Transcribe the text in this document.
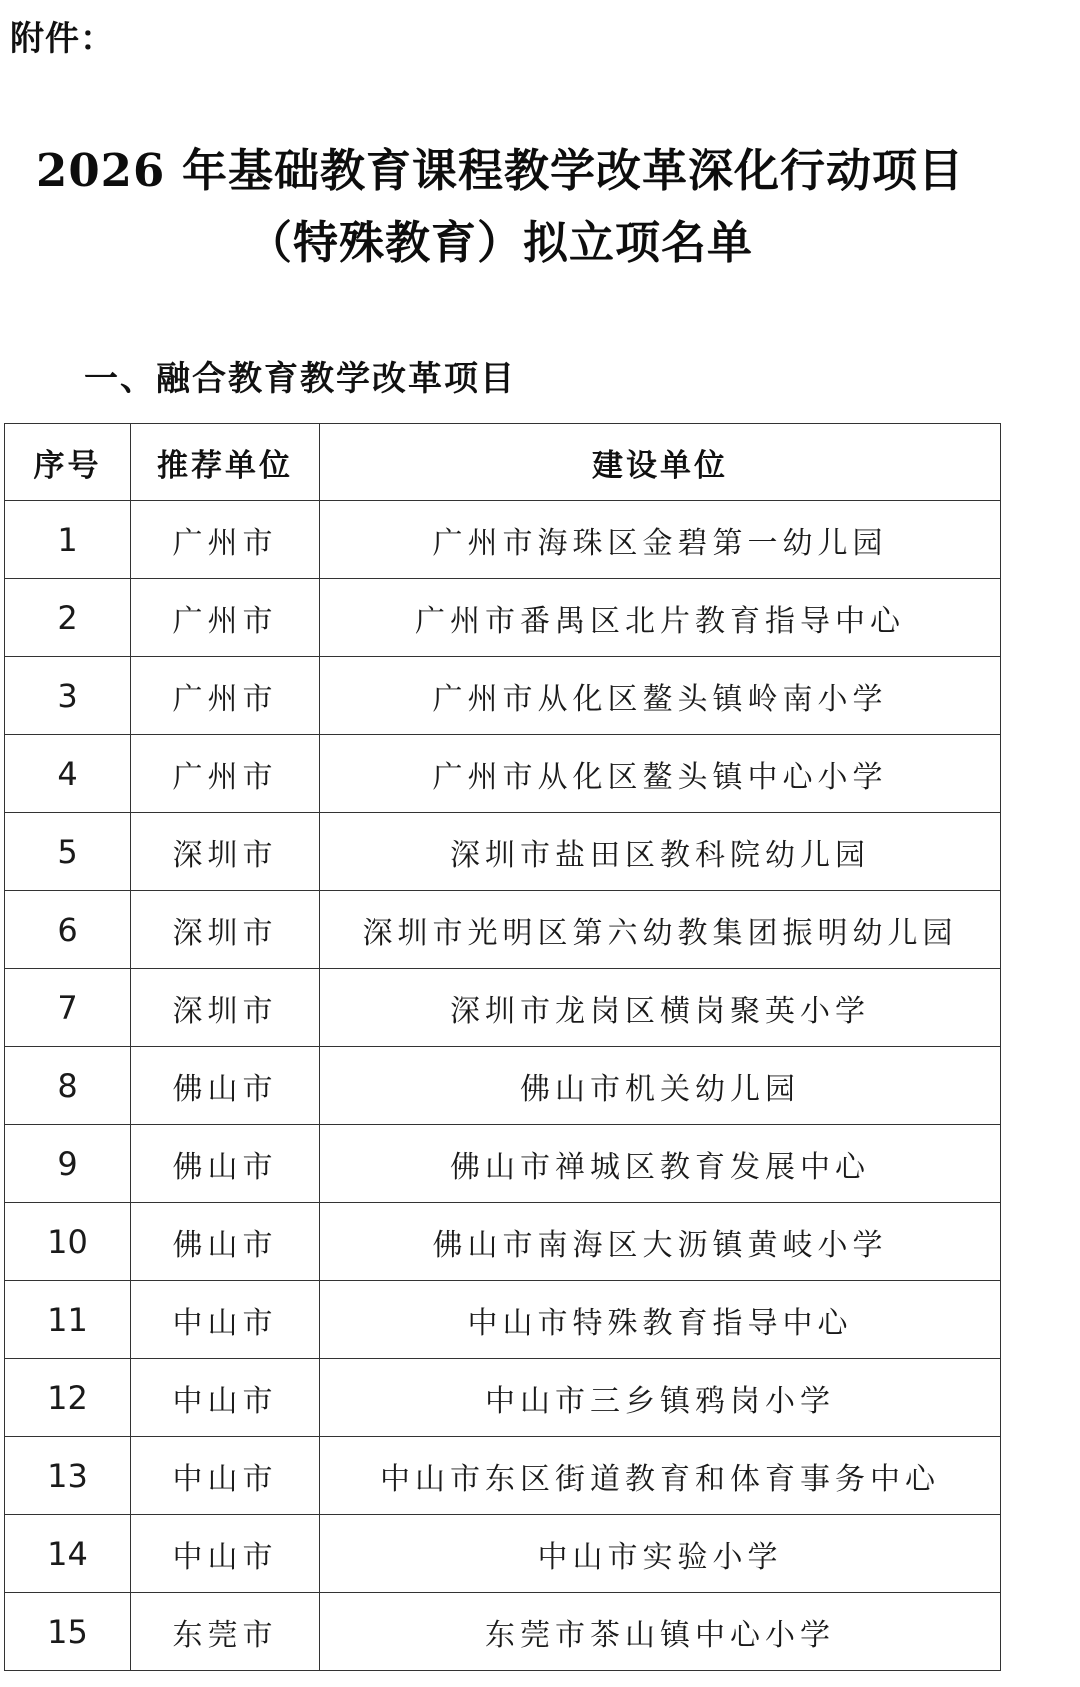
附件：
2026 年基础教育课程教学改革深化行动项目
（特殊教育）拟立项名单
一、融合教育教学改革项目
序号	推荐单位	建设单位
1	广州市	广州市海珠区金碧第一幼儿园
2	广州市	广州市番禺区北片教育指导中心
3	广州市	广州市从化区鳌头镇岭南小学
4	广州市	广州市从化区鳌头镇中心小学
5	深圳市	深圳市盐田区教科院幼儿园
6	深圳市	深圳市光明区第六幼教集团振明幼儿园
7	深圳市	深圳市龙岗区横岗聚英小学
8	佛山市	佛山市机关幼儿园
9	佛山市	佛山市禅城区教育发展中心
10	佛山市	佛山市南海区大沥镇黄岐小学
11	中山市	中山市特殊教育指导中心
12	中山市	中山市三乡镇鸦岗小学
13	中山市	中山市东区街道教育和体育事务中心
14	中山市	中山市实验小学
15	东莞市	东莞市茶山镇中心小学
